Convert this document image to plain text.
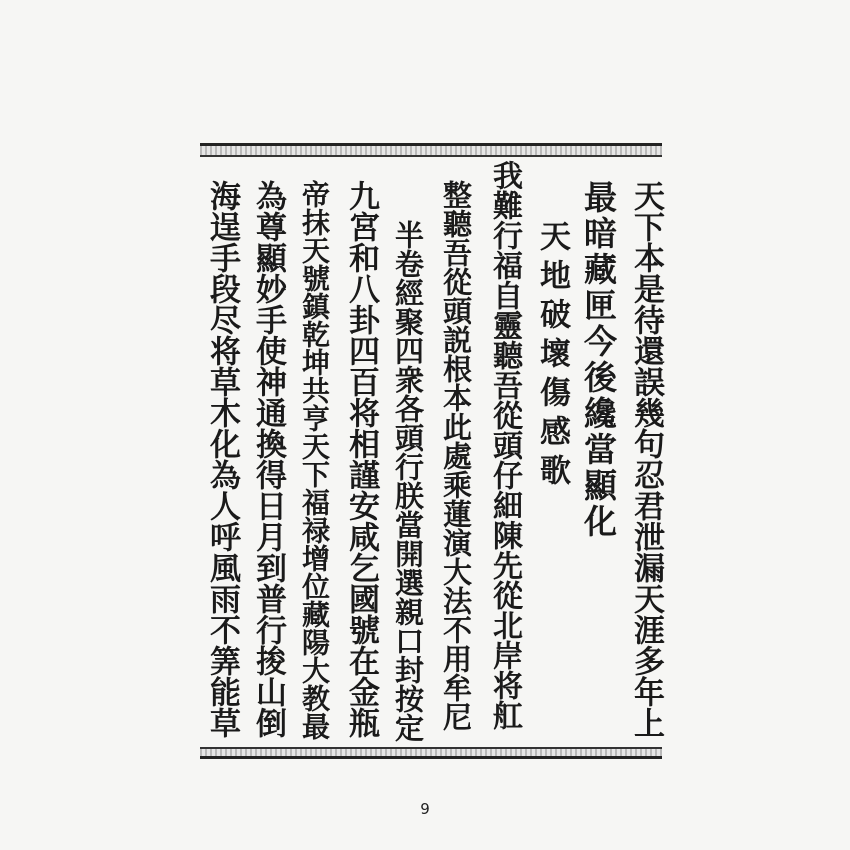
天下本是待還誤幾句忍君泄漏天涯多年上
最暗藏匣今後纔當顯化
天地破壞傷感歌
我難行福自靈聽吾從頭仔細陳先從北岸将舡
整聽吾從頭説根本此處乘蓮演大法不用牟尼
半卷經聚四衆各頭行朕當開選親口封按定
九宮和八卦四百将相謹安咸乞國號在金瓶
帝抹天號鎮乾坤共亨天下福禄增位藏陽大教最
為尊顯妙手使神通換得日月到普行捘山倒
海逞手段尽将草木化為人呼風雨不筭能草
9
